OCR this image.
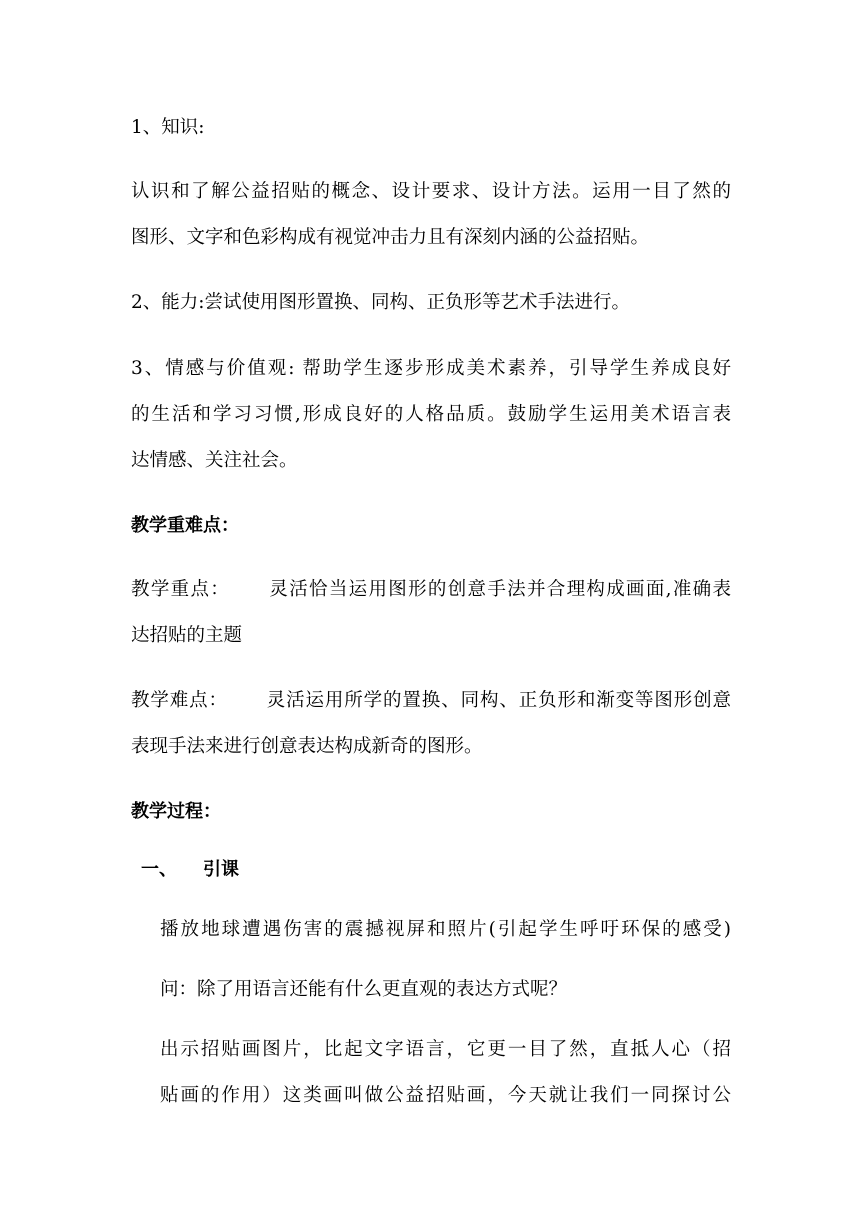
1、知识:
认识和了解公益招贴的概念、设计要求、设计方法。运用一目了然的
图形、文字和色彩构成有视觉冲击力且有深刻内涵的公益招贴。
2、能力:尝试使用图形置换、同构、正负形等艺术手法进行。
3、情感与价值观: 帮助学生逐步形成美术素养，引导学生养成良好
的生活和学习习惯,形成良好的人格品质。鼓励学生运用美术语言表
达情感、关注社会。
教学重难点：
教学重点： 灵活恰当运用图形的创意手法并合理构成画面,准确表
达招贴的主题
教学难点： 灵活运用所学的置换、同构、正负形和渐变等图形创意
表现手法来进行创意表达构成新奇的图形。
教学过程：
一、 引课
播放地球遭遇伤害的震撼视屏和照片(引起学生呼吁环保的感受)
问：除了用语言还能有什么更直观的表达方式呢？
出示招贴画图片，比起文字语言，它更一目了然，直抵人心（招
贴画的作用）这类画叫做公益招贴画，今天就让我们一同探讨公
